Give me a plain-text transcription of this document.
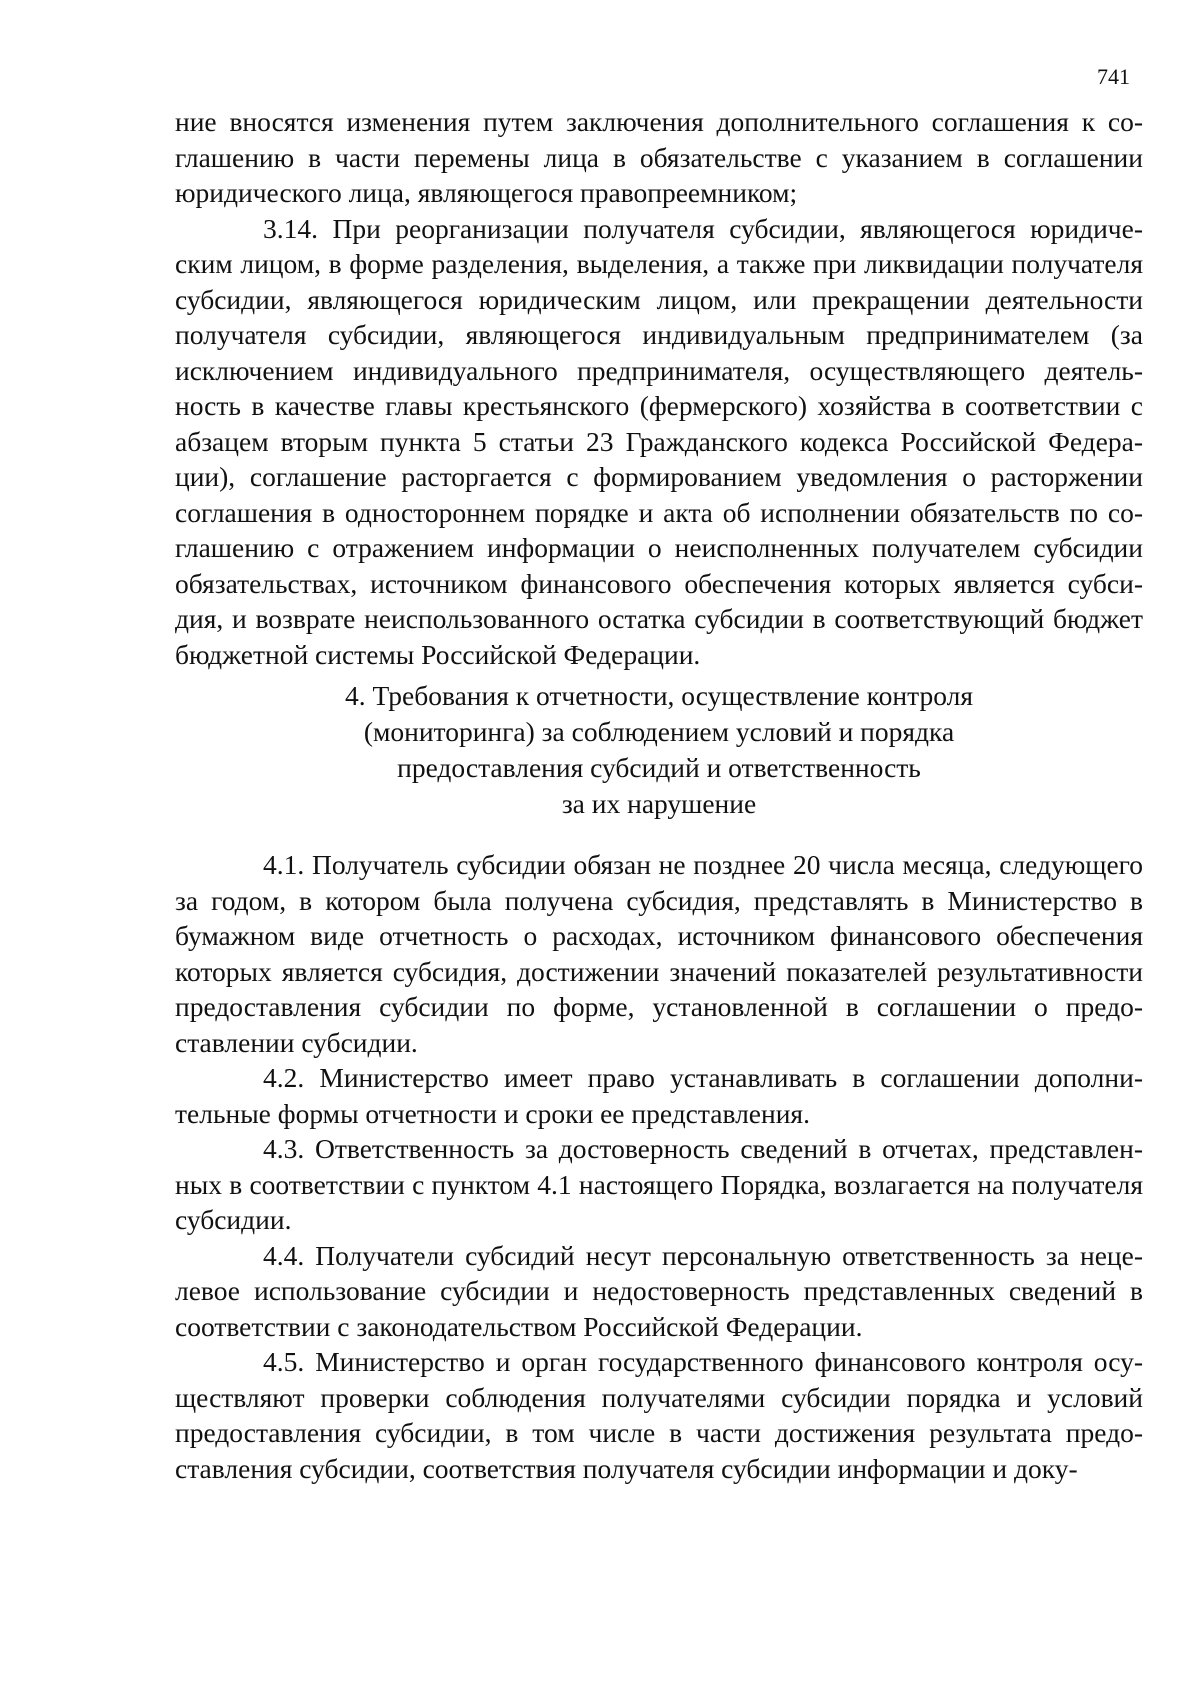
741

ние вносятся изменения путем заключения дополнительного соглашения к соглашению в части перемены лица в обязательстве с указанием в соглашении юридического лица, являющегося правопреемником;

3.14. При реорганизации получателя субсидии, являющегося юридическим лицом, в форме разделения, выделения, а также при ликвидации получателя субсидии, являющегося юридическим лицом, или прекращении деятельности получателя субсидии, являющегося индивидуальным предпринимателем (за исключением индивидуального предпринимателя, осуществляющего деятельность в качестве главы крестьянского (фермерского) хозяйства в соответствии с абзацем вторым пункта 5 статьи 23 Гражданского кодекса Российской Федерации), соглашение расторгается с формированием уведомления о расторжении соглашения в одностороннем порядке и акта об исполнении обязательств по соглашению с отражением информации о неисполненных получателем субсидии обязательствах, источником финансового обеспечения которых является субсидия, и возврате неиспользованного остатка субсидии в соответствующий бюджет бюджетной системы Российской Федерации.

4. Требования к отчетности, осуществление контроля
(мониторинга) за соблюдением условий и порядка
предоставления субсидий и ответственность
за их нарушение

4.1. Получатель субсидии обязан не позднее 20 числа месяца, следующего за годом, в котором была получена субсидия, представлять в Министерство в бумажном виде отчетность о расходах, источником финансового обеспечения которых является субсидия, достижении значений показателей результативности предоставления субсидии по форме, установленной в соглашении о предоставлении субсидии.

4.2. Министерство имеет право устанавливать в соглашении дополнительные формы отчетности и сроки ее представления.

4.3. Ответственность за достоверность сведений в отчетах, представленных в соответствии с пунктом 4.1 настоящего Порядка, возлагается на получателя субсидии.

4.4. Получатели субсидий несут персональную ответственность за нецелевое использование субсидии и недостоверность представленных сведений в соответствии с законодательством Российской Федерации.

4.5. Министерство и орган государственного финансового контроля осуществляют проверки соблюдения получателями субсидии порядка и условий предоставления субсидии, в том числе в части достижения результата предоставления субсидии, соответствия получателя субсидии информации и доку-
